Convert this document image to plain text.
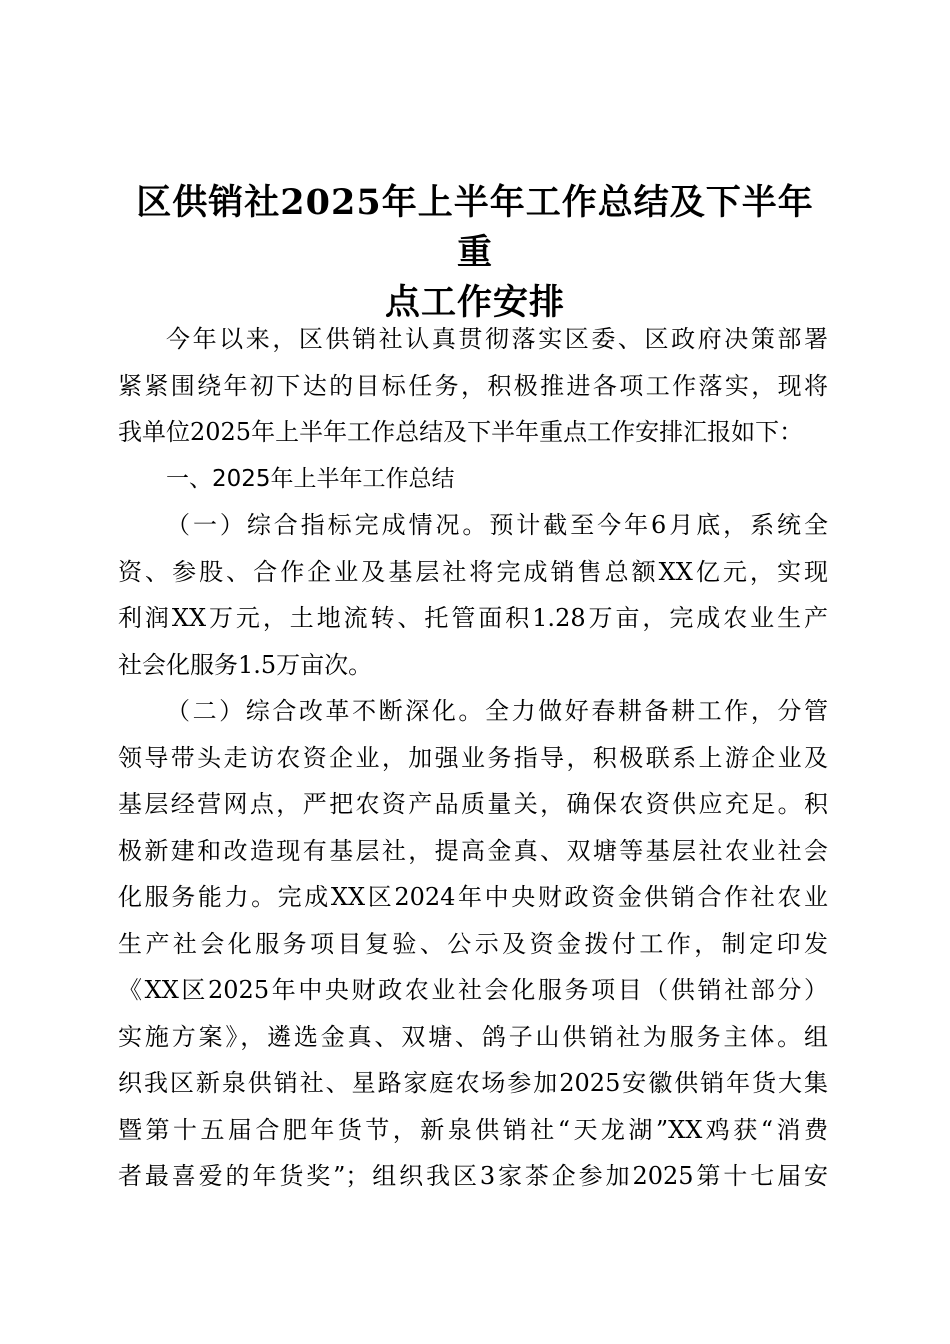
区供销社2025年上半年工作总结及下半年重
点工作安排
今年以来，区供销社认真贯彻落实区委、区政府决策部署
紧紧围绕年初下达的目标任务，积极推进各项工作落实，现将
我单位2025年上半年工作总结及下半年重点工作安排汇报如下：
一、2025年上半年工作总结
（一）综合指标完成情况。预计截至今年6月底，系统全
资、参股、合作企业及基层社将完成销售总额XX亿元，实现
利润XX万元，土地流转、托管面积1.28万亩，完成农业生产
社会化服务1.5万亩次。
（二）综合改革不断深化。全力做好春耕备耕工作，分管
领导带头走访农资企业，加强业务指导，积极联系上游企业及
基层经营网点，严把农资产品质量关，确保农资供应充足。积
极新建和改造现有基层社，提高金真、双塘等基层社农业社会
化服务能力。完成XX区2024年中央财政资金供销合作社农业
生产社会化服务项目复验、公示及资金拨付工作，制定印发
《XX区2025年中央财政农业社会化服务项目（供销社部分）
实施方案》，遴选金真、双塘、鸽子山供销社为服务主体。组
织我区新泉供销社、星路家庭农场参加2025安徽供销年货大集
暨第十五届合肥年货节，新泉供销社“天龙湖”XX鸡获“消费
者最喜爱的年货奖”；组织我区3家茶企参加2025第十七届安
